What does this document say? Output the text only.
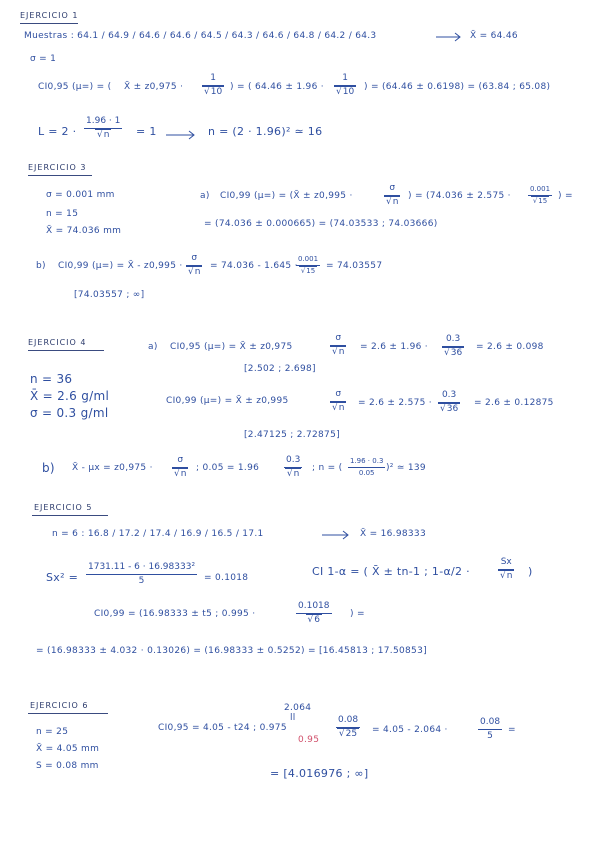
EJERCICIO 1
Muestras : 64.1 / 64.9 / 64.6 / 64.6 / 64.5 / 64.3 / 64.6 / 64.8 / 64.2 / 64.3	X̄ = 64.46
σ = 1
CI0,95 (μ=) = ( X̄ ± z0,975 · 1
√ 10 ) = ( 64.46 ± 1.96 · 1
√ 10 ) = (64.46 ± 0.6198) = (63.84 ; 65.08)
L = 2 · 1.96 · 1
√ n = 1	n = (2 · 1.96)² ≃ 16
EJERCICIO 3
σ = 0.001 mm
n = 15
X̄ = 74.036 mm
a) CI0,99 (μ=) = (X̄ ± z0,995 ·	σ
√ n ) = (74.036 ± 2.575 · 0.001
√ 15 ) =
= (74.036 ± 0.000665) = (74.03533 ; 74.03666)
b) CI0,99 (μ=) = X̄ - z0,995 · σ
√ n = 74.036 - 1.645 ·
0.001
√ 15 = 74.03557
[74.03557 ; ∞]
EJERCICIO 4
n = 36
X̄ = 2.6 g/ml
σ = 0.3 g/ml
a) CI0,95 (μ=) = X̄ ± z0,975	σ
√ n = 2.6 ± 1.96 · 0.3
√ 36 = 2.6 ± 0.098
[2.502 ; 2.698]
CI0,99 (μ=) = X̄ ± z0,995	σ
√ n = 2.6 ± 2.575 · 0.3
√ 36 = 2.6 ± 0.12875
[2.47125 ; 2.72875]
b) X̄ - μx = z0,975 · σ
√ n ; 0.05 = 1.96	0.3
√ n ; n = ( $\frac{1.96 \cdot 0.3}{0.05} )^2$ ≃ 139
EJERCICIO 5
n = 6 : 16.8 / 17.2 / 17.4 / 16.9 / 16.5 / 17.1	X̄ = 16.98333
$Sx^2 = \frac{\text{1731.11 - 6 · 16.98333²}}{5} = 0.1018$	CI 1-α = ( X̄ ± tn-1 ; 1-α/2 ·	Sx
√ n )
CI0,99 = (16.98333 ± t5 ; 0.995 ·	0.1018
√ 6 ) =
= (16.98333 ± 4.032 · 0.13026) = (16.98333 ± 0.5252) = [16.45813 ; 17.50853]
EJERCICIO 6
n = 25
X̄ = 4.05 mm
S = 0.08 mm
2.064
ll
CI0,95 = 4.05 - t24 ; 0.975
0.95
0.08
√ 25 = 4.05 - 2.064 ·	$\frac{0.08}{5}$ =
= [4.016976 ; ∞]
